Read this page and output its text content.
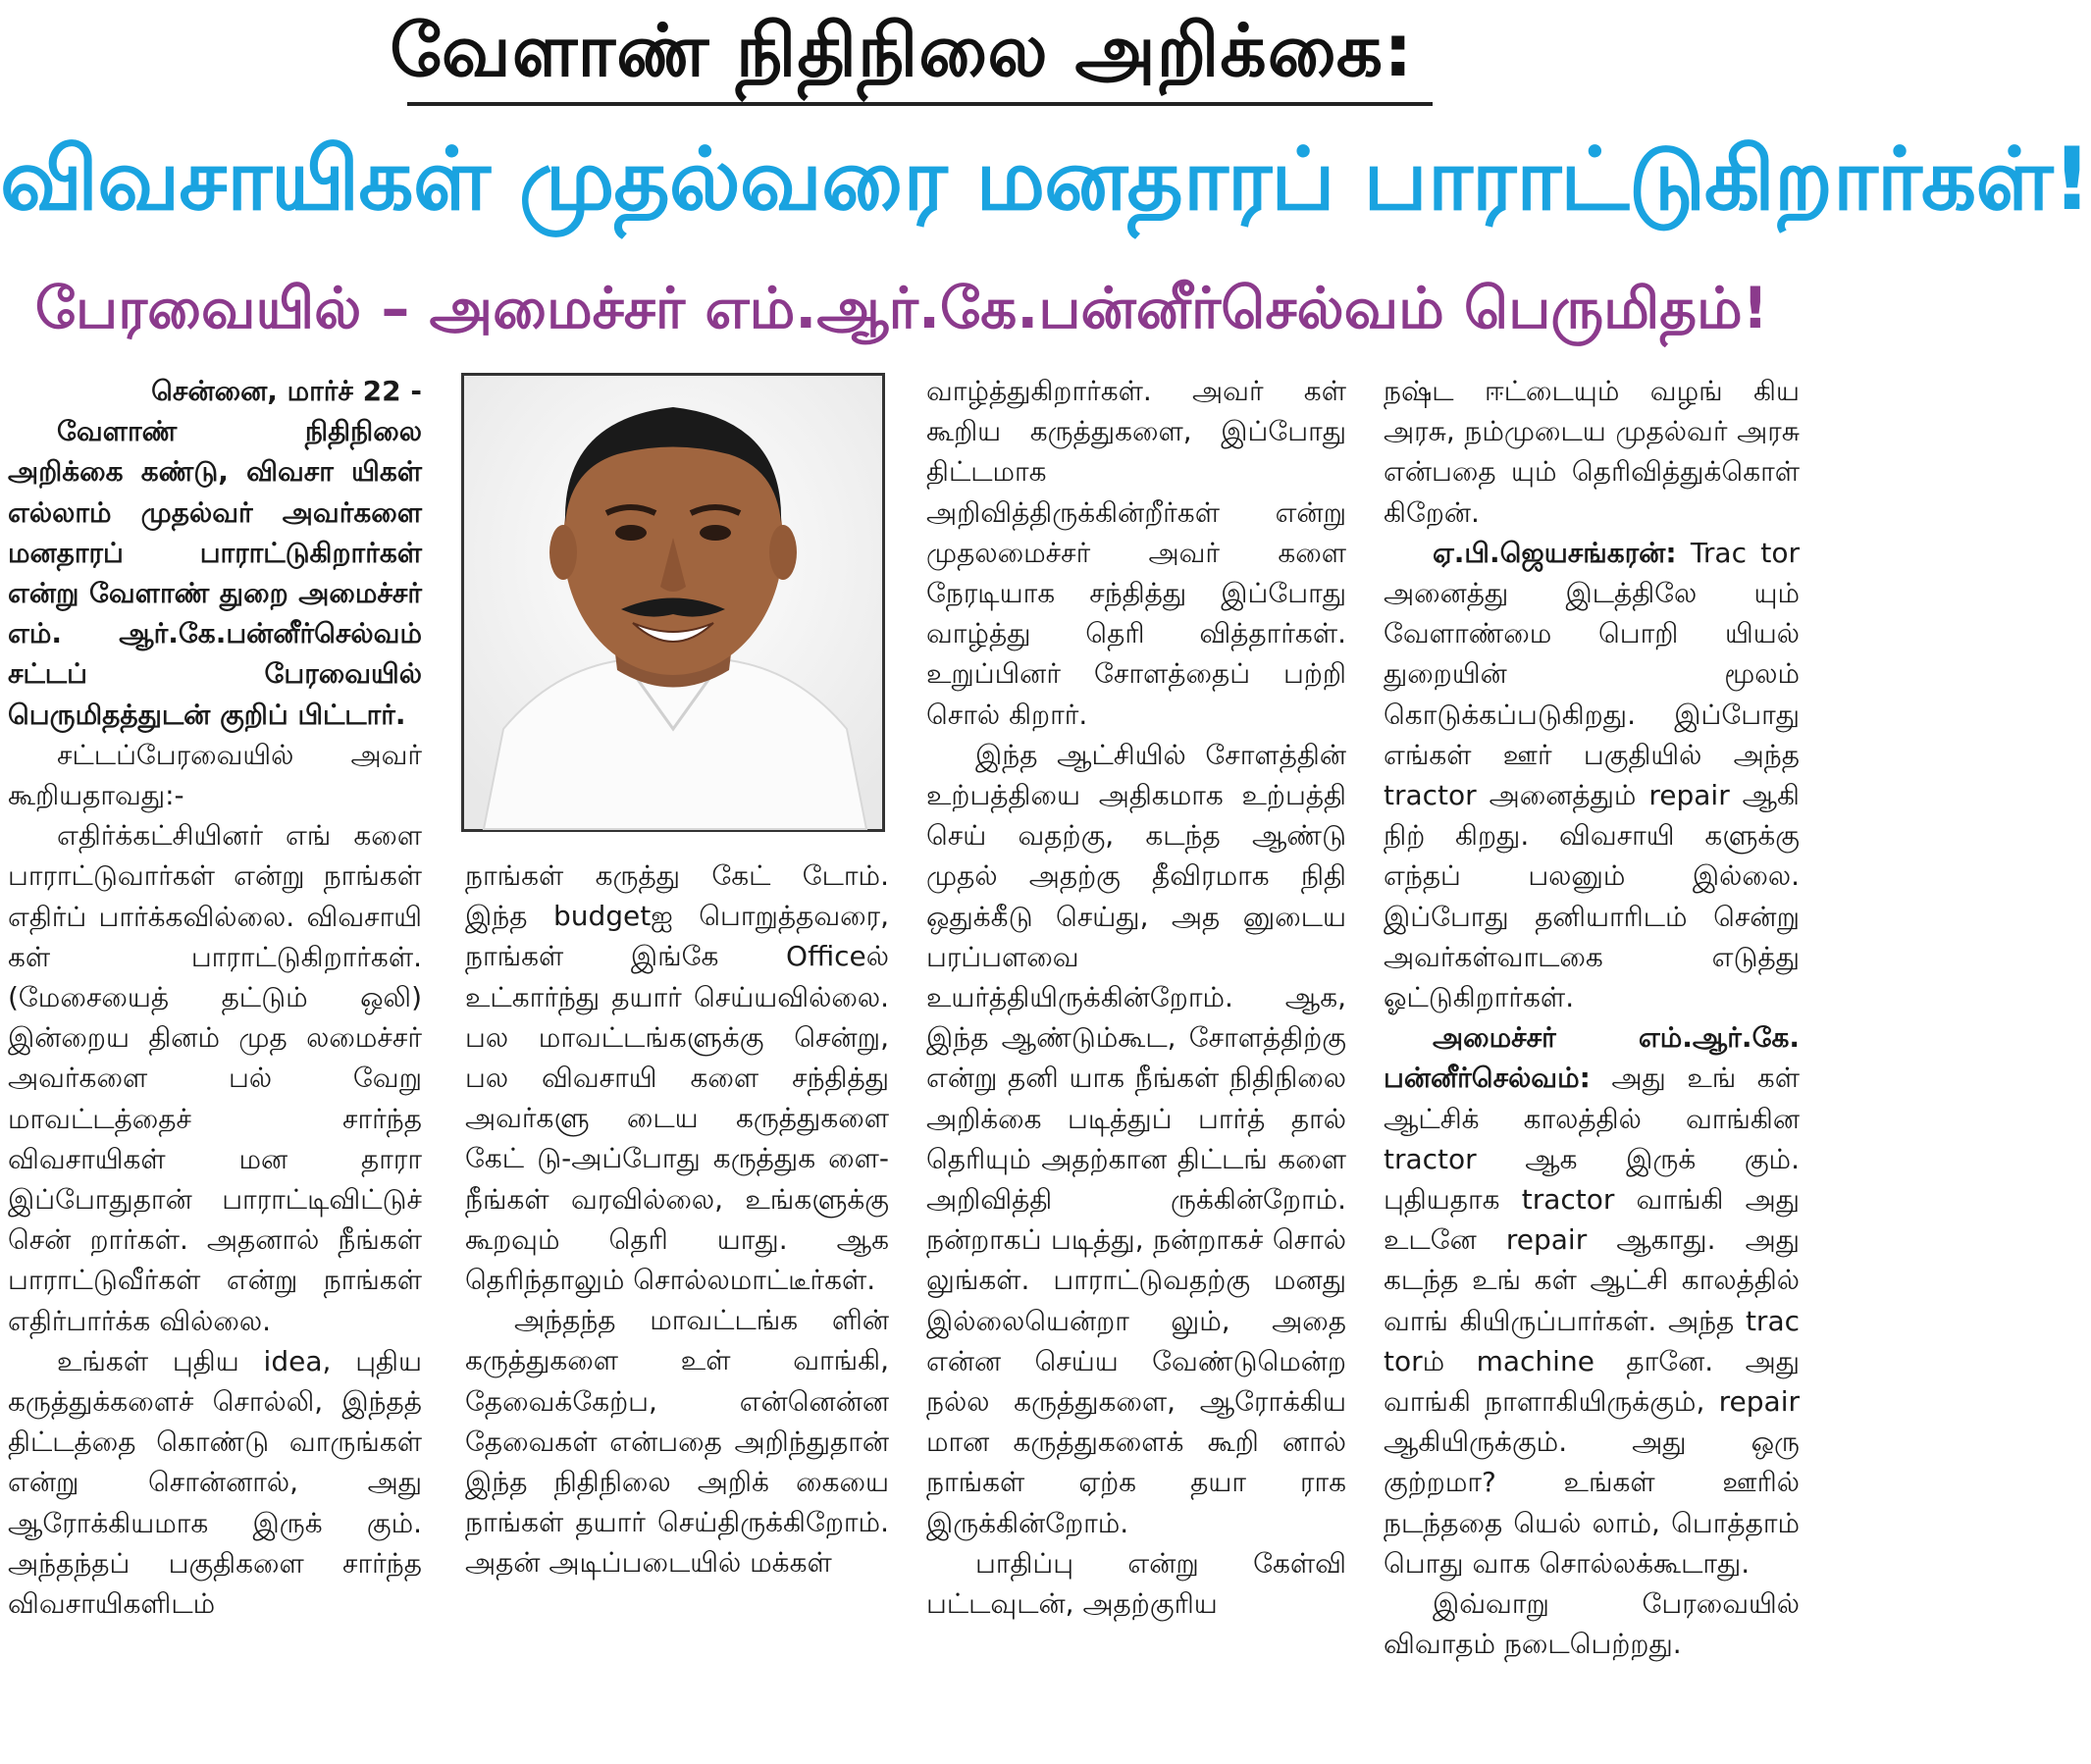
வேளாண் நிதிநிலை அறிக்கை:
விவசாயிகள் முதல்வரை மனதாரப் பாராட்டுகிறார்கள்!
பேரவையில் – அமைச்சர் எம்.ஆர்.கே.பன்னீர்செல்வம் பெருமிதம்!

சென்னை, மார்ச் 22 -

வேளாண் நிதிநிலை அறிக்கை கண்டு, விவசா யிகள் எல்லாம் முதல்வர் அவர்களை மனதாரப் பாராட்டுகிறார்கள் என்று வேளாண் துறை அமைச்சர் எம். ஆர்.கே.பன்னீர்செல்வம் சட்டப் பேரவையில் பெருமிதத்துடன் குறிப் பிட்டார்.

சட்டப்பேரவையில் அவர் கூறியதாவது:-

எதிர்க்கட்சியினர் எங் களை பாராட்டுவார்கள் என்று நாங்கள் எதிர்ப் பார்க்கவில்லை. விவசாயி கள் பாராட்டுகிறார்கள். (மேசையைத் தட்டும் ஒலி) இன்றைய தினம் முத லமைச்சர் அவர்களை பல் வேறு மாவட்டத்தைச் சார்ந்த விவசாயிகள் மன தாரா இப்போதுதான் பாராட்டிவிட்டுச் சென் றார்கள். அதனால் நீங்கள் பாராட்டுவீர்கள் என்று நாங்கள் எதிர்பார்க்க வில்லை.

உங்கள் புதிய idea, புதிய கருத்துக்களைச் சொல்லி, இந்தத் திட்டத்தை கொண்டு வாருங்கள் என்று சொன்னால், அது ஆரோக்கியமாக இருக் கும். அந்தந்தப் பகுதிகளை சார்ந்த விவசாயிகளிடம்

நாங்கள் கருத்து கேட் டோம். இந்த budgetஐ பொறுத்தவரை, நாங்கள் இங்கே Officeல் உட்கார்ந்து தயார் செய்யவில்லை. பல மாவட்டங்களுக்கு சென்று, பல விவசாயி களை சந்தித்து அவர்களு டைய கருத்துகளை கேட் டு-அப்போது கருத்துக ளை-நீங்கள் வரவில்லை, உங்களுக்கு கூறவும் தெரி யாது. ஆக தெரிந்தாலும் சொல்லமாட்டீர்கள்.

அந்தந்த மாவட்டங்க ளின் கருத்துகளை உள் வாங்கி, தேவைக்கேற்ப, என்னென்ன தேவைகள் என்பதை அறிந்துதான் இந்த நிதிநிலை அறிக் கையை நாங்கள் தயார் செய்திருக்கிறோம். அதன் அடிப்படையில் மக்கள்

வாழ்த்துகிறார்கள். அவர் கள் கூறிய கருத்துகளை, இப்போது திட்டமாக அறிவித்திருக்கின்றீர்கள் என்று முதலமைச்சர் அவர் களை நேரடியாக சந்தித்து இப்போது வாழ்த்து தெரி வித்தார்கள். உறுப்பினர் சோளத்தைப் பற்றி சொல் கிறார்.

இந்த ஆட்சியில் சோளத்தின் உற்பத்தியை அதிகமாக உற்பத்தி செய் வதற்கு, கடந்த ஆண்டு முதல் அதற்கு தீவிரமாக நிதி ஒதுக்கீடு செய்து, அத னுடைய பரப்பளவை உயர்த்தியிருக்கின்றோம். ஆக, இந்த ஆண்டும்கூட, சோளத்திற்கு என்று தனி யாக நீங்கள் நிதிநிலை அறிக்கை படித்துப் பார்த் தால் தெரியும் அதற்கான திட்டங் களை அறிவித்தி ருக்கின்றோம். நன்றாகப் படித்து, நன்றாகச் சொல் லுங்கள். பாராட்டுவதற்கு மனது இல்லையென்றா லும், அதை என்ன செய்ய வேண்டுமென்ற நல்ல கருத்துகளை, ஆரோக்கிய மான கருத்துகளைக் கூறி னால் நாங்கள் ஏற்க தயா ராக இருக்கின்றோம்.

பாதிப்பு என்று கேள்வி பட்டவுடன், அதற்குரிய

நஷ்ட ஈட்டையும் வழங் கிய அரசு, நம்முடைய முதல்வர் அரசு என்பதை யும் தெரிவித்துக்கொள் கிறேன்.

ஏ.பி.ஜெயசங்கரன்: Trac tor அனைத்து இடத்திலே யும் வேளாண்மை பொறி யியல் துறையின் மூலம் கொடுக்கப்படுகிறது. இப்போது எங்கள் ஊர் பகுதியில் அந்த tractor அனைத்தும் repair ஆகி நிற் கிறது. விவசாயி களுக்கு எந்தப் பலனும் இல்லை. இப்போது தனியாரிடம் சென்று அவர்கள்வாடகை எடுத்து ஓட்டுகிறார்கள்.

அமைச்சர் எம்.ஆர்.கே. பன்னீர்செல்வம்: அது உங் கள் ஆட்சிக் காலத்தில் வாங்கின tractor ஆக இருக் கும். புதியதாக tractor வாங்கி அது உடனே repair ஆகாது. அது கடந்த உங் கள் ஆட்சி காலத்தில் வாங் கியிருப்பார்கள். அந்த trac torம் machine தானே. அது வாங்கி நாளாகியிருக்கும், repair ஆகியிருக்கும். அது ஒரு குற்றமா? உங்கள் ஊரில் நடந்ததை யெல் லாம், பொத்தாம் பொது வாக சொல்லக்கூடாது.

இவ்வாறு பேரவையில் விவாதம் நடைபெற்றது.
